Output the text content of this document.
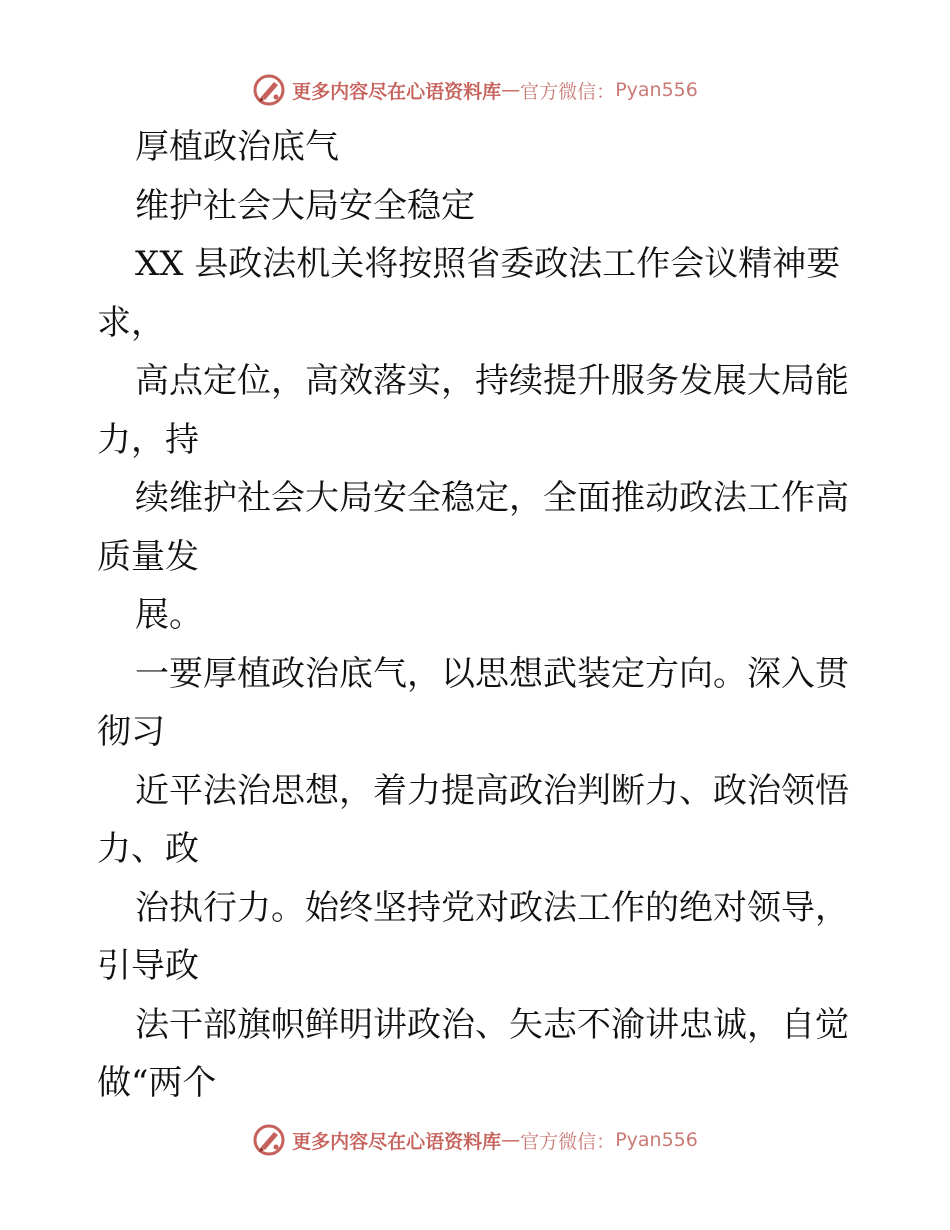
更多内容尽在心语资料库 — 官方微信： Pyan556
厚植政治底气
维护社会大局安全稳定
XX 县政法机关将按照省委政法工作会议精神要
求，
高点定位，高效落实，持续提升服务发展大局能
力，持
续维护社会大局安全稳定，全面推动政法工作高
质量发
展。
一要厚植政治底气，以思想武装定方向。深入贯
彻习
近平法治思想，着力提高政治判断力、政治领悟
力、政
治执行力。始终坚持党对政法工作的绝对领导，
引导政
法干部旗帜鲜明讲政治、矢志不渝讲忠诚，自觉
做“两个
更多内容尽在心语资料库 — 官方微信： Pyan556
